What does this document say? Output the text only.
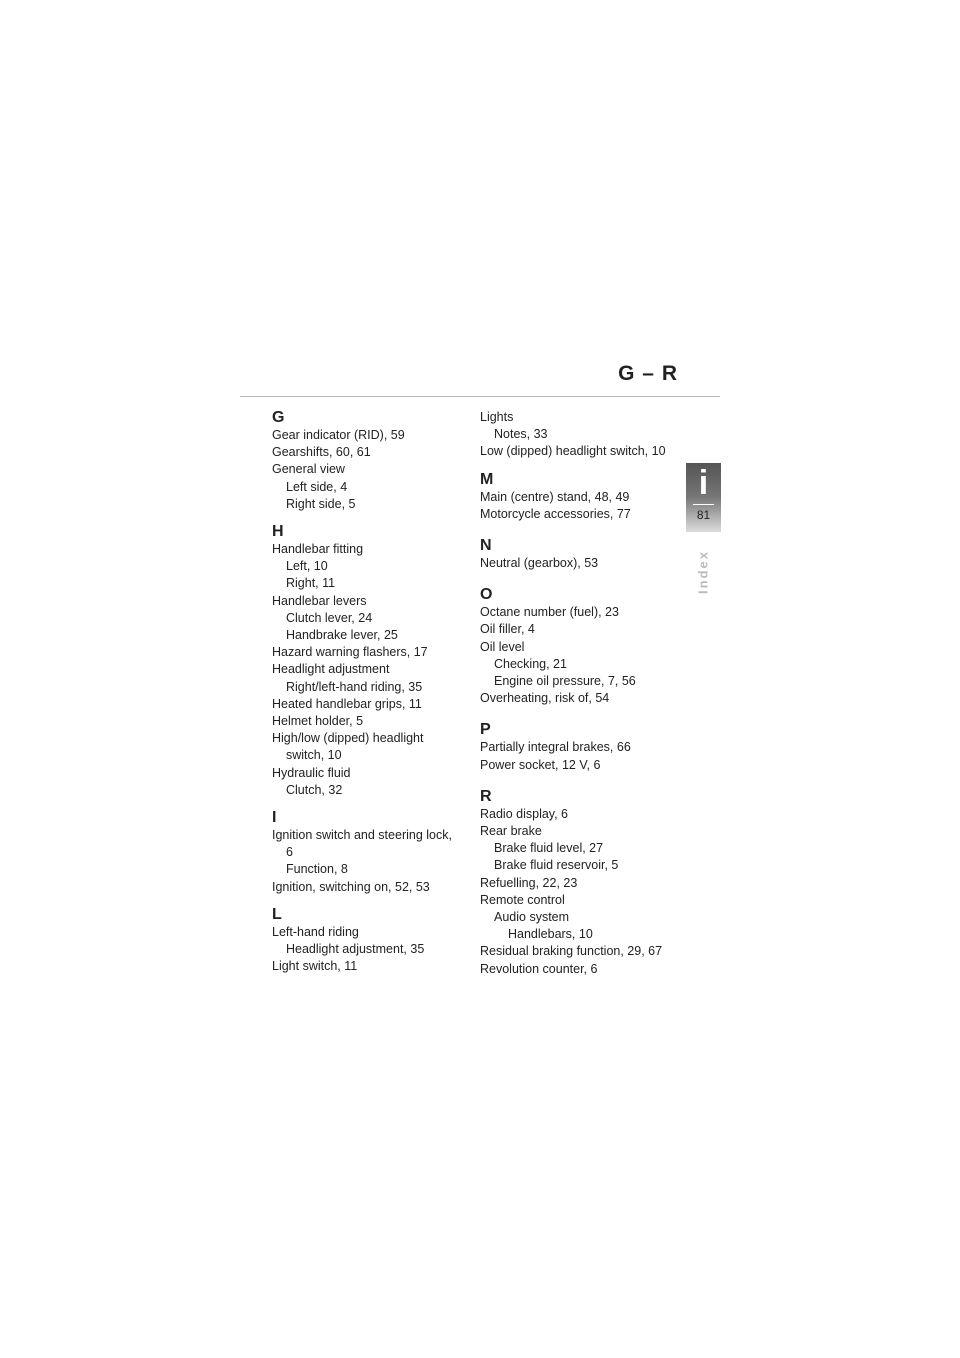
G – R
i
81
Index

G

Gear indicator (RID), 59

Gearshifts, 60, 61

General view

Left side, 4

Right side, 5

H

Handlebar fitting

Left, 10

Right, 11

Handlebar levers

Clutch lever, 24

Handbrake lever, 25

Hazard warning flashers, 17

Headlight adjustment

Right/left-hand riding, 35

Heated handlebar grips, 11

Helmet holder, 5

High/low (dipped) headlight

switch, 10

Hydraulic fluid

Clutch, 32

I

Ignition switch and steering lock,

6

Function, 8

Ignition, switching on, 52, 53

L

Left-hand riding

Headlight adjustment, 35

Light switch, 11

Lights

Notes, 33

Low (dipped) headlight switch, 10

M

Main (centre) stand, 48, 49

Motorcycle accessories, 77

N

Neutral (gearbox), 53

O

Octane number (fuel), 23

Oil filler, 4

Oil level

Checking, 21

Engine oil pressure, 7, 56

Overheating, risk of, 54

P

Partially integral brakes, 66

Power socket, 12 V, 6

R

Radio display, 6

Rear brake

Brake fluid level, 27

Brake fluid reservoir, 5

Refuelling, 22, 23

Remote control

Audio system

Handlebars, 10

Residual braking function, 29, 67

Revolution counter, 6
